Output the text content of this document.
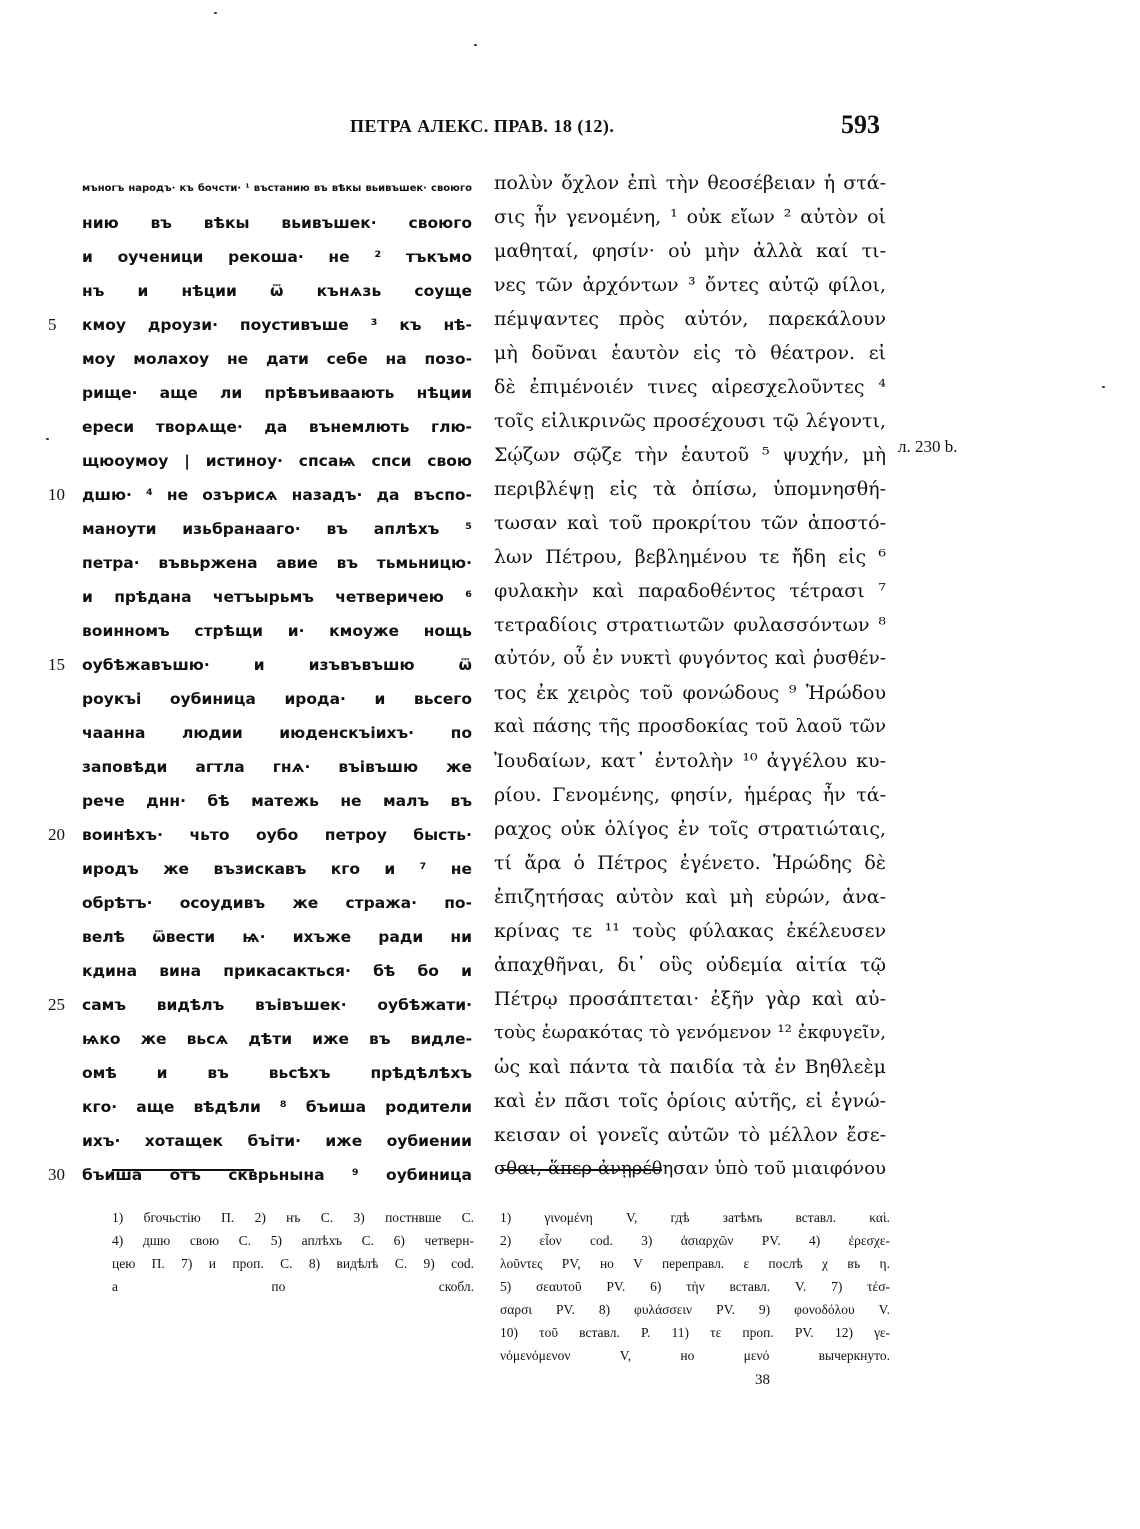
ПЕТРА АЛЕКС. ПРАВ. 18 (12).	593
мъногъ народъ· къ бочсти· ¹ въстанию въ вѣкы вьивъшек· своюго
нию въ вѣкы вьивъшек· своюго
и оученици рекоша· не ² тъкъмо
нъ и нѣции ѿ кънѧзь соуще
5	кмоу дроузи· поустивъше ³ къ нѣ-
моу молахоу не дати себе на позо-
рище· аще ли прѣвъиваають нѣции
ереси творѧще· да вънемлють глю-
щюоумоу | истиноу· спсаѩ спси свою
10	дшю· ⁴ не озърисѧ назадъ· да въспо-
маноути изьбранааго· въ аплѣхъ ⁵
петра· въвьржена авие въ тьмьницю·
и прѣдана четъырьмъ четверичею ⁶
воинномъ стрѣщи и· кмоуже нощь
15	оубѣжавъшю· и изъвъвъшю ѿ
роукъі оубиница ирода· и вьсего
чаанна людии июденскъіихъ· по
заповѣди агтла гнѧ· въівъшю же
рече днн· бѣ матежь не малъ въ
20	воинѣхъ· чьто оубо петроу бысть·
иродъ же възискавъ кго и ⁷ не
обрѣтъ· осоудивъ же стража· по-
велѣ ѿвести ѩ· ихъже ради ни
кдина вина прикасакться· бѣ бо и
25	самъ видѣлъ въівъшек· оубѣжати·
ѩко же вьсѧ дѣти иже въ видле-
омѣ и въ вьсѣхъ прѣдѣлѣхъ
кго· аще вѣдѣли ⁸ бъиша родители
ихъ· хотащек бъіти· иже оубиении
30	бъиша отъ скврьнына ⁹ оубиница
πολὺν ὄχλον ἐπὶ τὴν θεοσέβειαν ἡ στά-
σις ἦν γενομένη, ¹ οὐκ εἴων ² αὐτὸν οἱ
μαθηταί, φησίν· οὐ μὴν ἀλλὰ καί τι-
νες τῶν ἀρχόντων ³ ὄντες αὐτῷ φίλοι,
πέμψαντες πρὸς αὐτόν, παρεκάλουν
μὴ δοῦναι ἑαυτὸν εἰς τὸ θέατρον. εἰ
δὲ ἐπιμένοιέν τινες αἱρεσχελοῦντες ⁴
τοῖς εἰλικρινῶς προσέχουσι τῷ λέγοντι,
Σῴζων σῷζε τὴν ἑαυτοῦ ⁵ ψυχήν, μὴ
περιβλέψῃ εἰς τὰ ὀπίσω, ὑπομνησθή-
τωσαν καὶ τοῦ προκρίτου τῶν ἀποστό-
λων Πέτρου, βεβλημένου τε ἤδη εἰς ⁶
φυλακὴν καὶ παραδοθέντος τέτρασι ⁷
τετραδίοις στρατιωτῶν φυλασσόντων ⁸
αὐτόν, οὗ ἐν νυκτὶ φυγόντος καὶ ῥυσθέν-
τος ἐκ χειρὸς τοῦ φονώδους ⁹ Ἡρώδου
καὶ πάσης τῆς προσδοκίας τοῦ λαοῦ τῶν
Ἰουδαίων, κατ᾽ ἐντολὴν ¹⁰ ἀγγέλου κυ-
ρίου. Γενομένης, φησίν, ἡμέρας ἦν τά-
ραχος οὐκ ὀλίγος ἐν τοῖς στρατιώταις,
τί ἄρα ὁ Πέτρος ἐγένετο. Ἡρώδης δὲ
ἐπιζητήσας αὐτὸν καὶ μὴ εὑρών, ἀνα-
κρίνας τε ¹¹ τοὺς φύλακας ἐκέλευσεν
ἀπαχθῆναι, δι᾽ οὓς οὐδεμία αἰτία τῷ
Πέτρῳ προσάπτεται· ἐξῆν γὰρ καὶ αὐ-
τοὺς ἑωρακότας τὸ γενόμενον ¹² ἐκφυγεῖν,
ὡς καὶ πάντα τὰ παιδία τὰ ἐν Βηθλεὲμ
καὶ ἐν πᾶσι τοῖς ὁρίοις αὐτῆς, εἰ ἐγνώ-
κεισαν οἱ γονεῖς αὐτῶν τὸ μέλλον ἔσε-
σθαι, ἅπερ ἀνῃρέθησαν ὑπὸ τοῦ μιαιφόνου
л. 230 b.
1) бгочьстію П. 2) нъ С. 3) постнвше С.
4) дшю свою С. 5) аплѣхъ С. 6) четверн-
цею П. 7) и проп. С. 8) видѣлѣ С. 9) cod.
а по скобл.
1) γινομένη V, гдѣ затѣмъ вставл. καὶ.
2) εἶον cod. 3) ἀσιαρχῶν PV. 4) ἐρεσχε-
λοῦντες PV, но V переправл. ε послѣ χ въ η.
5) σεαυτοῦ PV. 6) τὴν вставл. V. 7) τέσ-
σαρσι PV. 8) φυλάσσειν PV. 9) φονοδόλου V.
10) τοῦ вставл. P. 11) τε проп. PV. 12) γε-
νόμενόμενον V, но μενό вычеркнуто.
38
